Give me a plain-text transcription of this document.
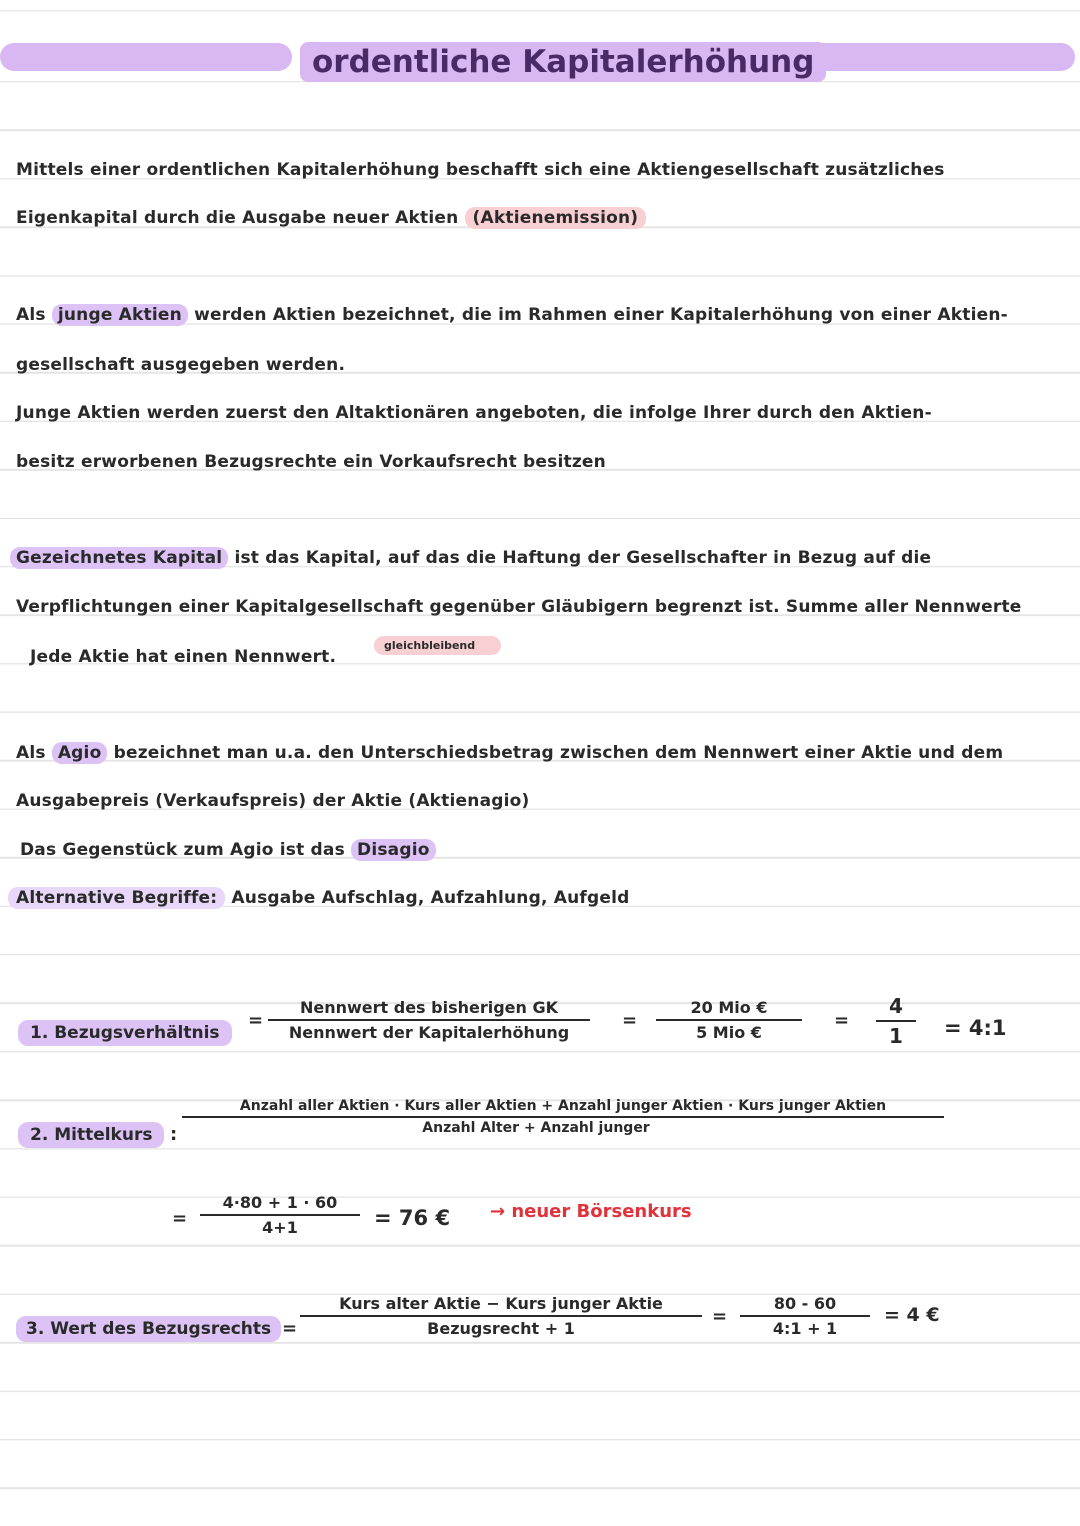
ordentliche Kapitalerhöhung
Mittels einer ordentlichen Kapitalerhöhung beschafft sich eine Aktiengesellschaft zusätzliches
Eigenkapital durch die Ausgabe neuer Aktien (Aktienemission)
Als junge Aktien werden Aktien bezeichnet, die im Rahmen einer Kapitalerhöhung von einer Aktien-
gesellschaft ausgegeben werden.
Junge Aktien werden zuerst den Altaktionären angeboten, die infolge Ihrer durch den Aktien-
besitz erworbenen Bezugsrechte ein Vorkaufsrecht besitzen
Gezeichnetes Kapital ist das Kapital, auf das die Haftung der Gesellschafter in Bezug auf die
Verpflichtungen einer Kapitalgesellschaft gegenüber Gläubigern begrenzt ist. Summe aller Nennwerte
Jede Aktie hat einen Nennwert.
gleichbleibend
Als Agio bezeichnet man u.a. den Unterschiedsbetrag zwischen dem Nennwert einer Aktie und dem
Ausgabepreis (Verkaufspreis) der Aktie (Aktienagio)
Das Gegenstück zum Agio ist das Disagio
Alternative Begriffe: Ausgabe Aufschlag, Aufzahlung, Aufgeld
1. Bezugsverhältnis
=
Nennwert des bisherigen GK
Nennwert der Kapitalerhöhung
=
20 Mio €
5 Mio €
= $\frac{4}{1}$ = 4:1
2. Mittelkurs :
Anzahl aller Aktien · Kurs aller Aktien + Anzahl junger Aktien · Kurs junger Aktien
Anzahl Alter + Anzahl junger
= $\frac{4\cdot 80 + 1 \cdot 60}{4+1} = 76$ € → neuer Börsenkurs
3. Wert des Bezugsrechts =
Kurs alter Aktie − Kurs junger Aktie
Bezugsrecht + 1
= $\frac{80 - 60}{4:1 + 1} = 4$ €
